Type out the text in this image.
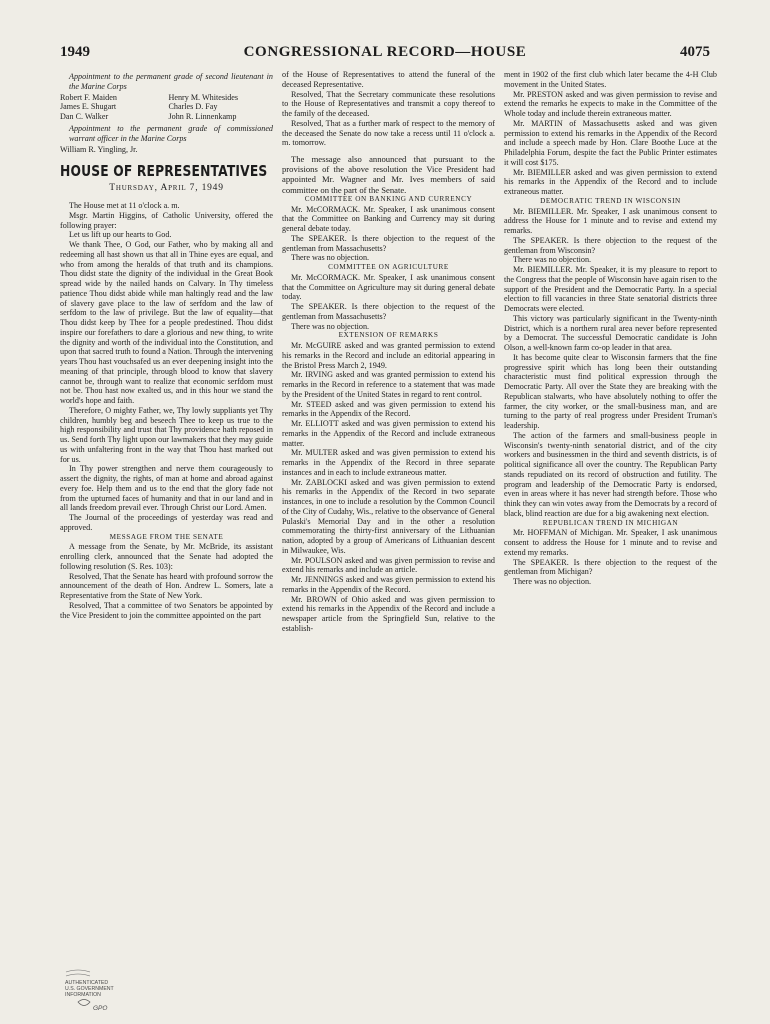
1949	CONGRESSIONAL RECORD—HOUSE	4075

Appointment to the permanent grade of second lieutenant in the Marine Corps

Robert F. Maiden	Henry M. Whitesides
James E. Shugart	Charles D. Fay
Dan C. Walker	John R. Linnenkamp

Appointment to the permanent grade of commissioned warrant officer in the Marine Corps

William R. Yingling, Jr.
HOUSE OF REPRESENTATIVES
Thursday, April 7, 1949

The House met at 11 o'clock a. m.

Msgr. Martin Higgins, of Catholic University, offered the following prayer:

Let us lift up our hearts to God.

We thank Thee, O God, our Father, who by making all and redeeming all hast shown us that all in Thine eyes are equal, and who from among the heralds of that truth and its champions. Thou didst state the dignity of the individual in the Great Book spread wide by the nailed hands on Calvary. In Thy timeless patience Thou didst abide while man haltingly read and the law of slavery gave place to the law of serfdom and the law of serfdom to the law of privilege. But the law of equality—that Thou didst keep by Thee for a people predestined. Thou didst inspire our forefathers to dare a glorious and new thing, to write the dignity and worth of the individual into the Constitution, and upon that sacred truth to found a Nation. Through the intervening years Thou hast vouchsafed us an ever deepening insight into the meaning of that principle, through blood to know that slavery cannot be, through want to realize that economic serfdom must not be. Thou hast now exalted us, and in this hour we stand the world's hope and faith.

Therefore, O mighty Father, we, Thy lowly suppliants yet Thy children, humbly beg and beseech Thee to keep us true to the high responsibility and trust that Thy providence hath reposed in us. Send forth Thy light upon our lawmakers that they may guide us with unfaltering front in the way that Thou hast marked out for us.

In Thy power strengthen and nerve them courageously to assert the dignity, the rights, of man at home and abroad against every foe. Help them and us to the end that the glory fade not from the upturned faces of humanity and that in our land and in all lands freedom prevail ever. Through Christ our Lord. Amen.

The Journal of the proceedings of yesterday was read and approved.

MESSAGE FROM THE SENATE

A message from the Senate, by Mr. McBride, its assistant enrolling clerk, announced that the Senate had adopted the following resolution (S. Res. 103):

Resolved, That the Senate has heard with profound sorrow the announcement of the death of Hon. Andrew L. Somers, late a Representative from the State of New York.

Resolved, That a committee of two Senators be appointed by the Vice President to join the committee appointed on the part

of the House of Representatives to attend the funeral of the deceased Representative.

Resolved, That the Secretary communicate these resolutions to the House of Representatives and transmit a copy thereof to the family of the deceased.

Resolved, That as a further mark of respect to the memory of the deceased the Senate do now take a recess until 11 o'clock a. m. tomorrow.

The message also announced that pursuant to the provisions of the above resolution the Vice President had appointed Mr. Wagner and Mr. Ives members of said committee on the part of the Senate.

COMMITTEE ON BANKING AND CURRENCY

Mr. McCORMACK. Mr. Speaker, I ask unanimous consent that the Committee on Banking and Currency may sit during general debate today.

The SPEAKER. Is there objection to the request of the gentleman from Massachusetts?

There was no objection.

COMMITTEE ON AGRICULTURE

Mr. McCORMACK. Mr. Speaker, I ask unanimous consent that the Committee on Agriculture may sit during general debate today.

The SPEAKER. Is there objection to the request of the gentleman from Massachusetts?

There was no objection.

EXTENSION OF REMARKS

Mr. McGUIRE asked and was granted permission to extend his remarks in the Record and include an editorial appearing in the Bristol Press March 2, 1949.

Mr. IRVING asked and was granted permission to extend his remarks in the Record in reference to a statement that was made by the President of the United States in regard to rent control.

Mr. STEED asked and was given permission to extend his remarks in the Appendix of the Record.

Mr. ELLIOTT asked and was given permission to extend his remarks in the Appendix of the Record and include extraneous matter.

Mr. MULTER asked and was given permission to extend his remarks in the Appendix of the Record in three separate instances and in each to include extraneous matter.

Mr. ZABLOCKI asked and was given permission to extend his remarks in the Appendix of the Record in two separate instances, in one to include a resolution by the Common Council of the City of Cudahy, Wis., relative to the observance of General Pulaski's Memorial Day and in the other a resolution commemorating the thirty-first anniversary of the Lithuanian nation, adopted by a group of Americans of Lithuanian descent in Milwaukee, Wis.

Mr. POULSON asked and was given permission to revise and extend his remarks and include an article.

Mr. JENNINGS asked and was given permission to extend his remarks in the Appendix of the Record.

Mr. BROWN of Ohio asked and was given permission to extend his remarks in the Appendix of the Record and include a newspaper article from the Springfield Sun, relative to the establish-

ment in 1902 of the first club which later became the 4-H Club movement in the United States.

Mr. PRESTON asked and was given permission to revise and extend the remarks he expects to make in the Committee of the Whole today and include therein extraneous matter.

Mr. MARTIN of Massachusetts asked and was given permission to extend his remarks in the Appendix of the Record and include a speech made by Hon. Clare Boothe Luce at the Philadelphia Forum, despite the fact the Public Printer estimates it will cost $175.

Mr. BIEMILLER asked and was given permission to extend his remarks in the Appendix of the Record and to include extraneous matter.

DEMOCRATIC TREND IN WISCONSIN

Mr. BIEMILLER. Mr. Speaker, I ask unanimous consent to address the House for 1 minute and to revise and extend my remarks.

The SPEAKER. Is there objection to the request of the gentleman from Wisconsin?

There was no objection.

Mr. BIEMILLER. Mr. Speaker, it is my pleasure to report to the Congress that the people of Wisconsin have again risen to the support of the President and the Democratic Party. In a special election to fill vacancies in three State senatorial districts three Democrats were elected.

This victory was particularly significant in the Twenty-ninth District, which is a northern rural area never before represented by a Democrat. The successful Democratic candidate is John Olson, a well-known farm co-op leader in that area.

It has become quite clear to Wisconsin farmers that the fine progressive spirit which has long been their outstanding characteristic must find political expression through the Democratic Party. All over the State they are breaking with the Republican stalwarts, who have absolutely nothing to offer the farmer, the city worker, or the small-business man, and are turning to the party of real progress under President Truman's leadership.

The action of the farmers and small-business people in Wisconsin's twenty-ninth senatorial district, and of the city workers and businessmen in the third and seventh districts, is of political significance all over the country. The Republican Party stands repudiated on its record of obstruction and futility. The program and leadership of the Democratic Party is endorsed, even in areas where it has never had strength before. Those who think they can win votes away from the Democrats by a record of black, blind reaction are due for a big awakening next election.

REPUBLICAN TREND IN MICHIGAN

Mr. HOFFMAN of Michigan. Mr. Speaker, I ask unanimous consent to address the House for 1 minute and to revise and extend my remarks.

The SPEAKER. Is there objection to the request of the gentleman from Michigan?

There was no objection.

AUTHENTICATED
U.S. GOVERNMENT
INFORMATION
GPO
